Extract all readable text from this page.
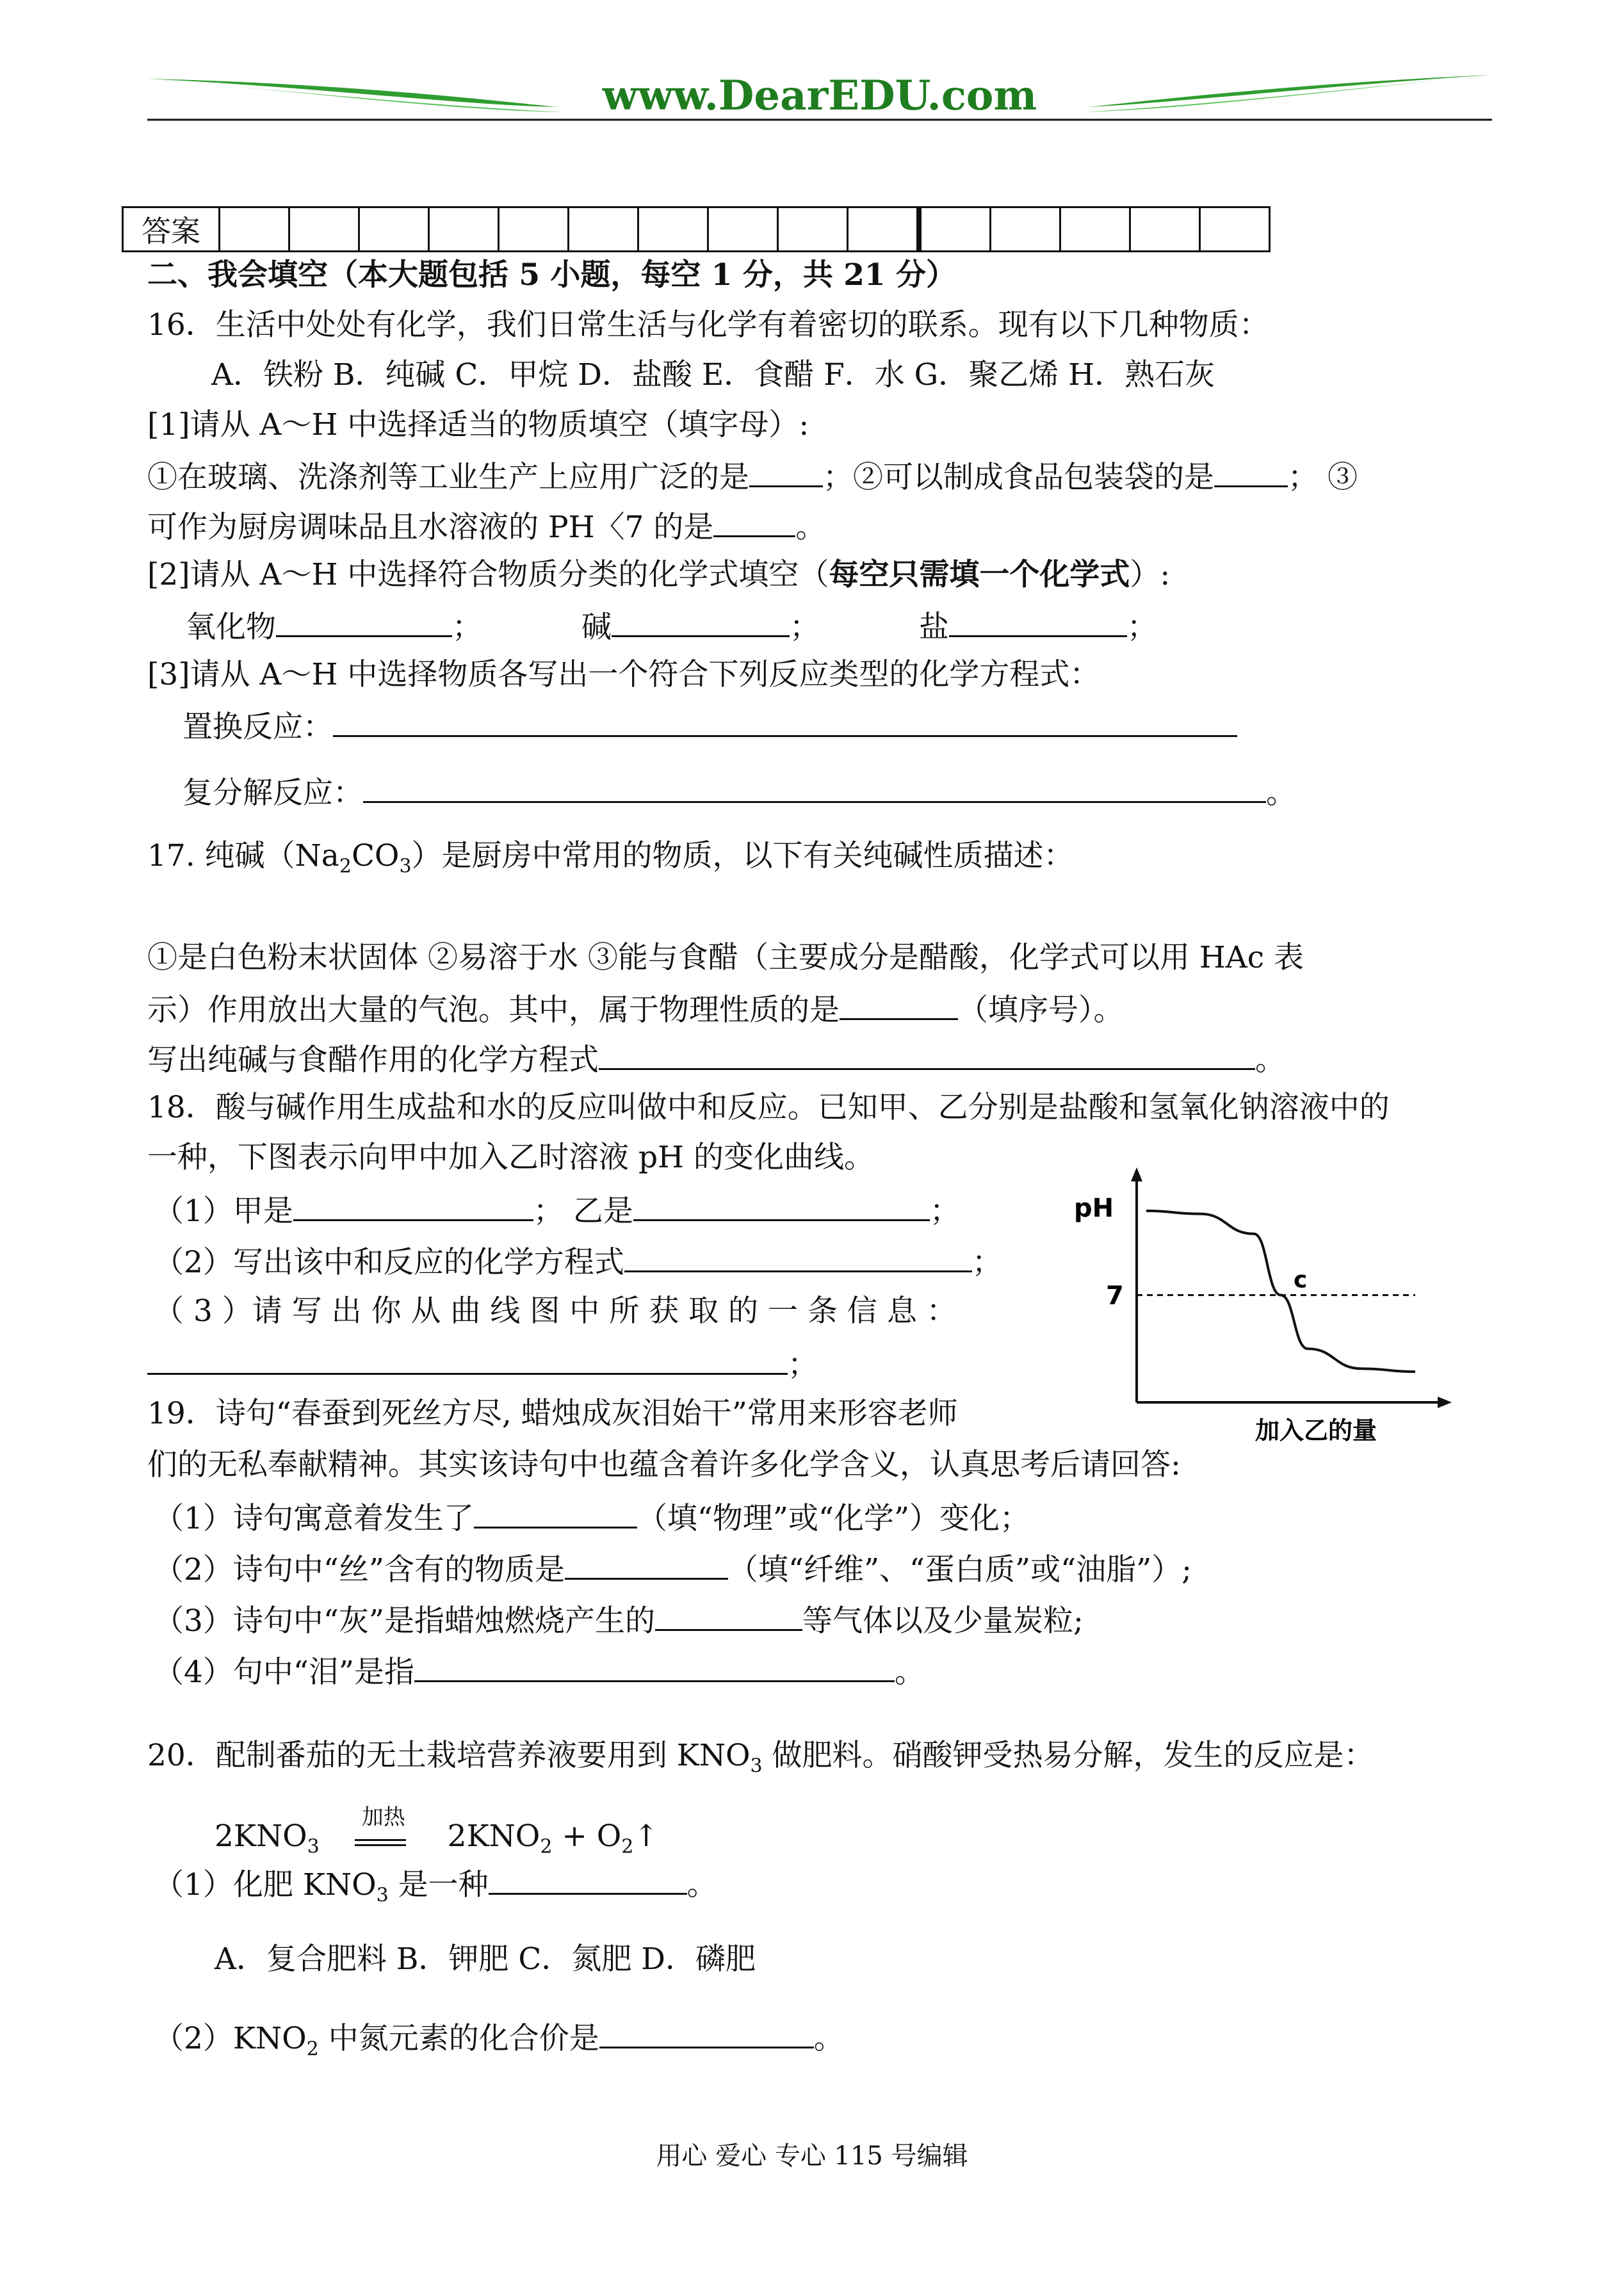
www.DearEDU.com
答案															
二、我会填空（本大题包括 5 小题，每空 1 分，共 21 分）
16．生活中处处有化学，我们日常生活与化学有着密切的联系。现有以下几种物质：
A．铁粉 B．纯碱 C．甲烷 D．盐酸 E．食醋 F．水 G．聚乙烯 H．熟石灰
[1]请从 A～H 中选择适当的物质填空（填字母）:
①在玻璃、洗涤剂等工业生产上应用广泛的是 ；②可以制成食品包装袋的是 ； ③
可作为厨房调味品且水溶液的 PH〈7 的是	。
[2]请从 A～H 中选择符合物质分类的化学式填空（每空只需填一个化学式）:
氧化物	；	碱	；	盐	；
[3]请从 A～H 中选择物质各写出一个符合下列反应类型的化学方程式：
置换反应：
复分解反应：	。
17. 纯碱$(Na_2CO_3)$是厨房中常用的物质，以下有关纯碱性质描述：
①是白色粉末状固体 ②易溶于水 ③能与食醋（主要成分是醋酸，化学式可以用 HAc 表
示）作用放出大量的气泡。其中，属于物理性质的是	（填序号）。
写出纯碱与食醋作用的化学方程式	。
18．酸与碱作用生成盐和水的反应叫做中和反应。已知甲、乙分别是盐酸和氢氧化钠溶液中的
一种，下图表示向甲中加入乙时溶液 pH 的变化曲线。
（1）甲是	； 乙是	；
（2）写出该中和反应的化学方程式	；
（ 3 ）请 写 出 你 从 曲 线 图 中 所 获 取 的 一 条 信 息 ：
；
pH
7
c
加入乙的量
19．诗句“春蚕到死丝方尽, 蜡烛成灰泪始干”常用来形容老师
们的无私奉献精神。其实该诗句中也蕴含着许多化学含义，认真思考后请回答:
（1）诗句寓意着发生了	（填“物理”或“化学”）变化；
（2）诗句中“丝”含有的物质是	（填“纤维”、“蛋白质”或“油脂”）;
（3）诗句中“灰”是指蜡烛燃烧产生的	等气体以及少量炭粒;
（4）句中“泪”是指	。
20．配制番茄的无土栽培营养液要用到 $KNO_3$ 做肥料。硝酸钾受热易分解，发生的反应是：
$2KNO_3$
加热
$2KNO_2$ + $O_2↑$
（1）化肥 $KNO_3$ 是一种	。
A．复合肥料 B．钾肥 C．氮肥 D．磷肥
$(2)KNO_2$ 中氮元素的化合价是	。
用心 爱心 专心 115 号编辑
